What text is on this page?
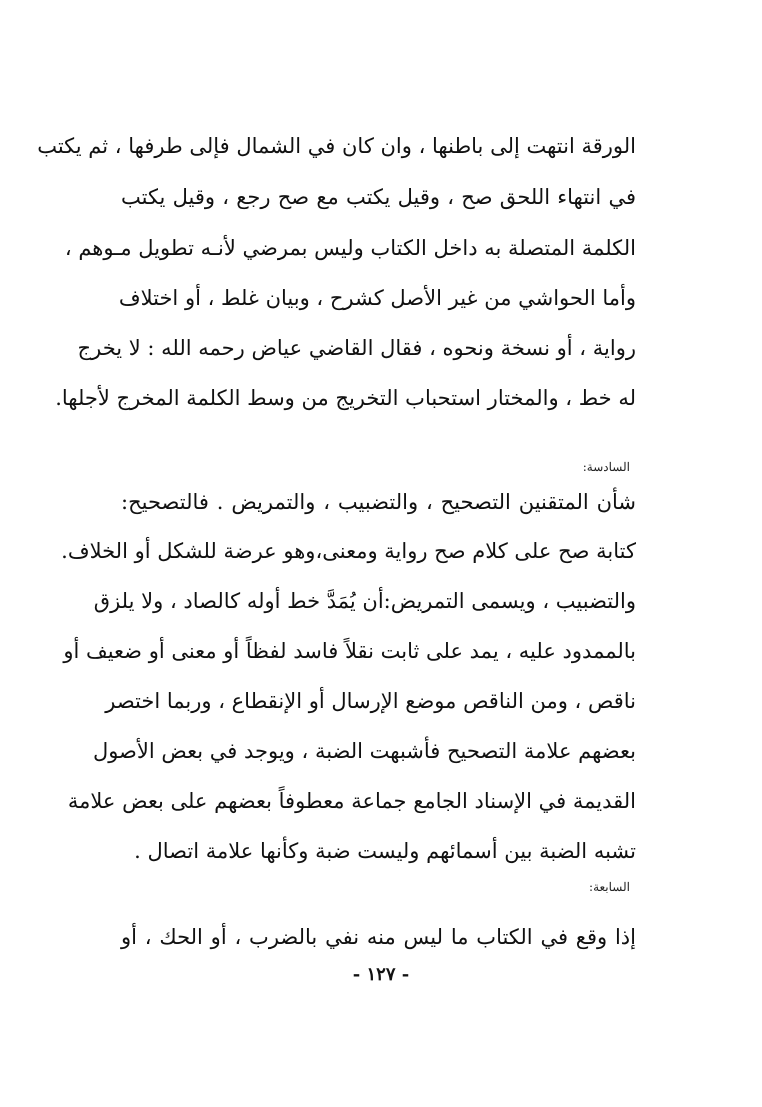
الورقة انتهت إلى باطنها ، وان كان في الشمال فإلى طرفها ، ثم يكتب
في انتهاء اللحق صح ، وقيل يكتب مع صح رجع ، وقيل يكتب
الكلمة المتصلة به داخل الكتاب وليس بمرضي لأنـه تطويل مـوهم ،
وأما الحواشي من غير الأصل كشرح ، وبيان غلط ، أو اختلاف
رواية ، أو نسخة ونحوه ، فقال القاضي عياض رحمه الله : لا يخرج
له خط ، والمختار استحباب التخريج من وسط الكلمة المخرج لأجلها.
السادسة:
شأن المتقنين التصحيح ، والتضبيب ، والتمريض . فالتصحيح:
كتابة صح على كلام صح رواية ومعنى،وهو عرضة للشكل أو الخلاف.
والتضبيب ، ويسمى التمريض:أن يُمَدَّ خط أوله كالصاد ، ولا يلزق
بالممدود عليه ، يمد على ثابت نقلاً فاسد لفظاً أو معنى أو ضعيف أو
ناقص ، ومن الناقص موضع الإرسال أو الإنقطاع ، وربما اختصر
بعضهم علامة التصحيح فأشبهت الضبة ، ويوجد في بعض الأصول
القديمة في الإسناد الجامع جماعة معطوفاً بعضهم على بعض علامة
تشبه الضبة بين أسمائهم وليست ضبة وكأنها علامة اتصال .
السابعة:
إذا وقع في الكتاب ما ليس منه نفي بالضرب ، أو الحك ، أو
- ١٢٧ -
